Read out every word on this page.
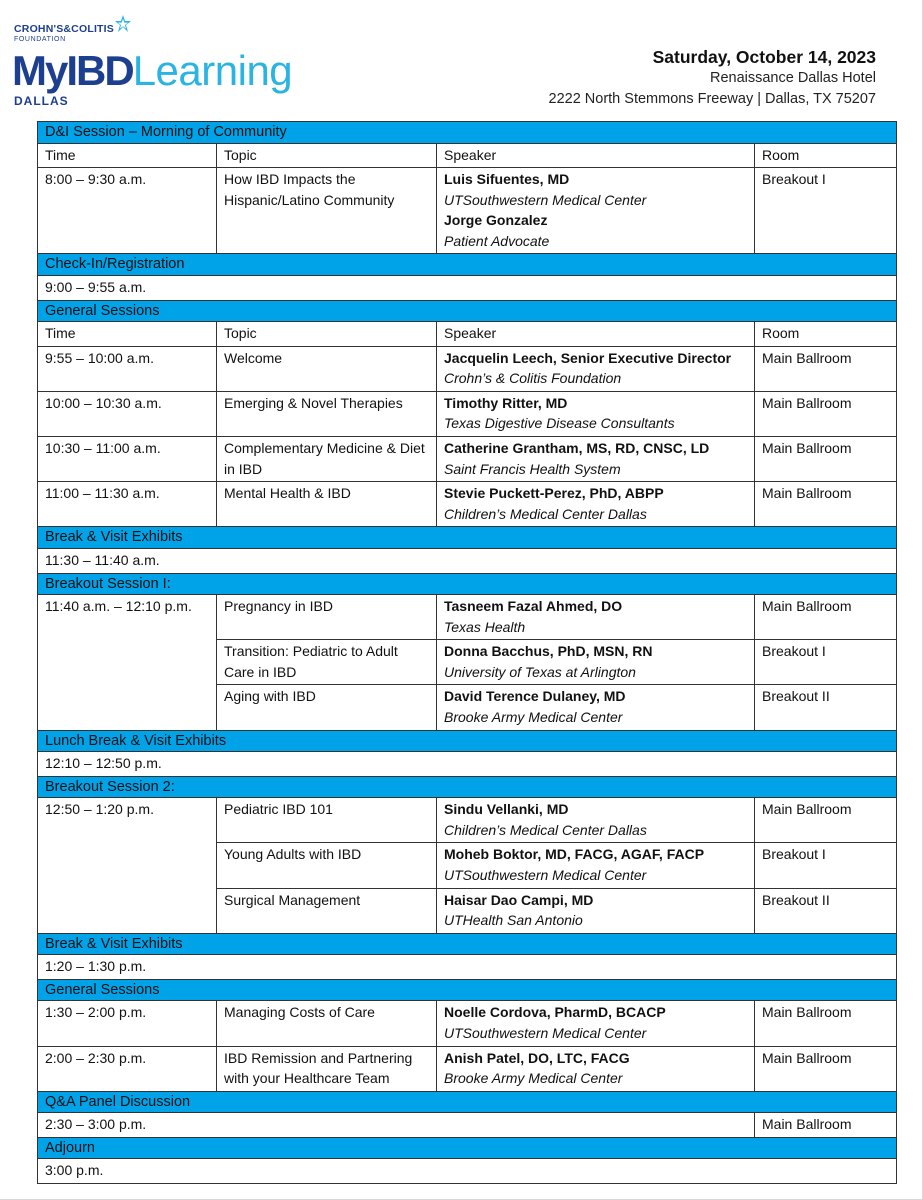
CROHN'S&COLITIS
FOUNDATION
MyIBDLearning
DALLAS
Saturday, October 14, 2023
Renaissance Dallas Hotel
2222 North Stemmons Freeway | Dallas, TX 75207
D&I Session – Morning of Community			
Time	Topic	Speaker	Room
8:00 – 9:30 a.m.	How IBD Impacts the Hispanic/Latino Community	Luis Sifuentes, MD
UTSouthwestern Medical Center
Jorge Gonzalez
Patient Advocate	Breakout I
Check-In/Registration			
9:00 – 9:55 a.m.			
General Sessions			
Time	Topic	Speaker	Room
9:55 – 10:00 a.m.	Welcome	Jacquelin Leech, Senior Executive Director
Crohn’s & Colitis Foundation	Main Ballroom
10:00 – 10:30 a.m.	Emerging & Novel Therapies	Timothy Ritter, MD
Texas Digestive Disease Consultants	Main Ballroom
10:30 – 11:00 a.m.	Complementary Medicine & Diet in IBD	Catherine Grantham, MS, RD, CNSC, LD
Saint Francis Health System	Main Ballroom
11:00 – 11:30 a.m.	Mental Health & IBD	Stevie Puckett-Perez, PhD, ABPP
Children’s Medical Center Dallas	Main Ballroom
Break & Visit Exhibits			
11:30 – 11:40 a.m.			
Breakout Session I:			
11:40 a.m. – 12:10 p.m.	Pregnancy in IBD	Tasneem Fazal Ahmed, DO
Texas Health	Main Ballroom
	Transition: Pediatric to Adult Care in IBD	Donna Bacchus, PhD, MSN, RN
University of Texas at Arlington	Breakout I
	Aging with IBD	David Terence Dulaney, MD
Brooke Army Medical Center	Breakout II
Lunch Break & Visit Exhibits			
12:10 – 12:50 p.m.			
Breakout Session 2:			
12:50 – 1:20 p.m.	Pediatric IBD 101	Sindu Vellanki, MD
Children’s Medical Center Dallas	Main Ballroom
	Young Adults with IBD	Moheb Boktor, MD, FACG, AGAF, FACP
UTSouthwestern Medical Center	Breakout I
	Surgical Management	Haisar Dao Campi, MD
UTHealth San Antonio	Breakout II
Break & Visit Exhibits			
1:20 – 1:30 p.m.			
General Sessions			
1:30 – 2:00 p.m.	Managing Costs of Care	Noelle Cordova, PharmD, BCACP
UTSouthwestern Medical Center	Main Ballroom
2:00 – 2:30 p.m.	IBD Remission and Partnering with your Healthcare Team	Anish Patel, DO, LTC, FACG
Brooke Army Medical Center	Main Ballroom
Q&A Panel Discussion			
2:30 – 3:00 p.m.			Main Ballroom
Adjourn			
3:00 p.m.			
